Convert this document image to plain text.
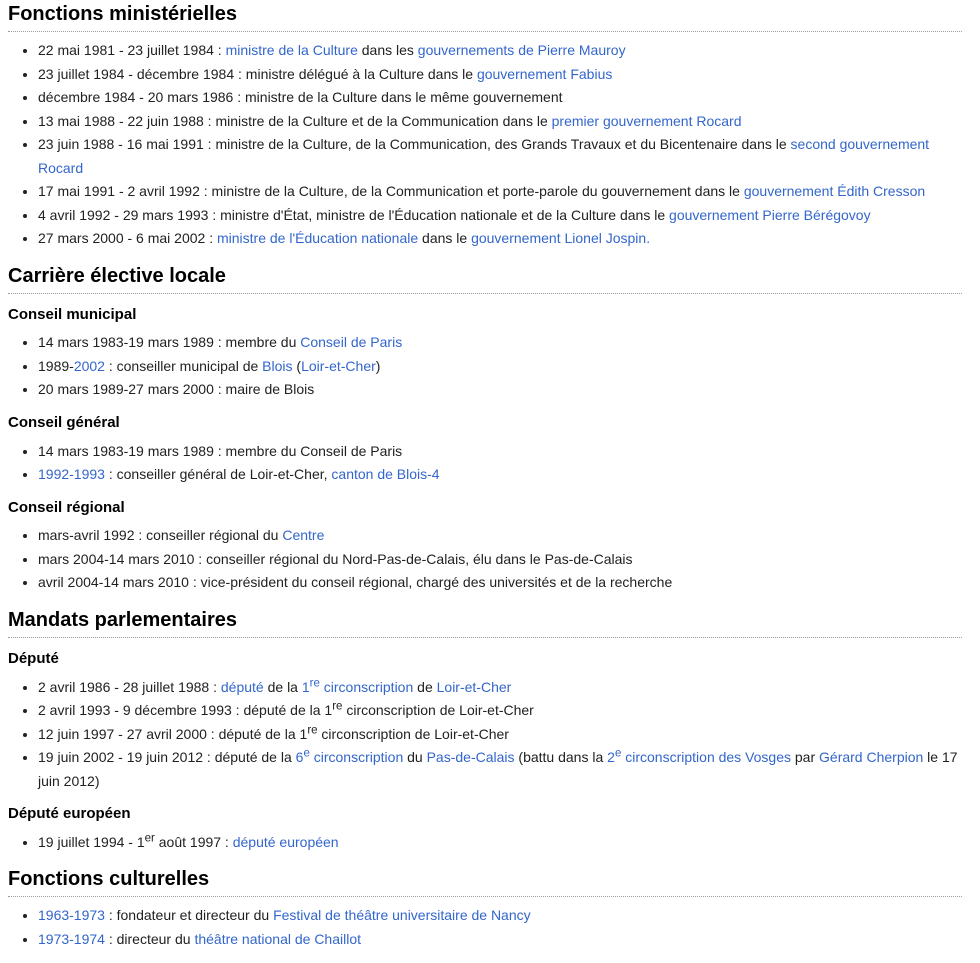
Fonctions ministérielles
• 22 mai 1981 - 23 juillet 1984 : ministre de la Culture dans les gouvernements de Pierre Mauroy
• 23 juillet 1984 - décembre 1984 : ministre délégué à la Culture dans le gouvernement Fabius
• décembre 1984 - 20 mars 1986 : ministre de la Culture dans le même gouvernement
• 13 mai 1988 - 22 juin 1988 : ministre de la Culture et de la Communication dans le premier gouvernement Rocard
• 23 juin 1988 - 16 mai 1991 : ministre de la Culture, de la Communication, des Grands Travaux et du Bicentenaire dans le second gouvernement Rocard
• 17 mai 1991 - 2 avril 1992 : ministre de la Culture, de la Communication et porte-parole du gouvernement dans le gouvernement Édith Cresson
• 4 avril 1992 - 29 mars 1993 : ministre d'État, ministre de l'Éducation nationale et de la Culture dans le gouvernement Pierre Bérégovoy
• 27 mars 2000 - 6 mai 2002 : ministre de l'Éducation nationale dans le gouvernement Lionel Jospin.
Carrière élective locale
Conseil municipal
• 14 mars 1983-19 mars 1989 : membre du Conseil de Paris
• 1989-2002 : conseiller municipal de Blois (Loir-et-Cher)
• 20 mars 1989-27 mars 2000 : maire de Blois
Conseil général
• 14 mars 1983-19 mars 1989 : membre du Conseil de Paris
• 1992-1993 : conseiller général de Loir-et-Cher, canton de Blois-4
Conseil régional
• mars-avril 1992 : conseiller régional du Centre
• mars 2004-14 mars 2010 : conseiller régional du Nord-Pas-de-Calais, élu dans le Pas-de-Calais
• avril 2004-14 mars 2010 : vice-président du conseil régional, chargé des universités et de la recherche
Mandats parlementaires
Député
• 2 avril 1986 - 28 juillet 1988 : député de la 1re circonscription de Loir-et-Cher
• 2 avril 1993 - 9 décembre 1993 : député de la 1re circonscription de Loir-et-Cher
• 12 juin 1997 - 27 avril 2000 : député de la 1re circonscription de Loir-et-Cher
• 19 juin 2002 - 19 juin 2012 : député de la 6e circonscription du Pas-de-Calais (battu dans la 2e circonscription des Vosges par Gérard Cherpion le 17 juin 2012)
Député européen
• 19 juillet 1994 - 1er août 1997 : député européen
Fonctions culturelles
• 1963-1973 : fondateur et directeur du Festival de théâtre universitaire de Nancy
• 1973-1974 : directeur du théâtre national de Chaillot
